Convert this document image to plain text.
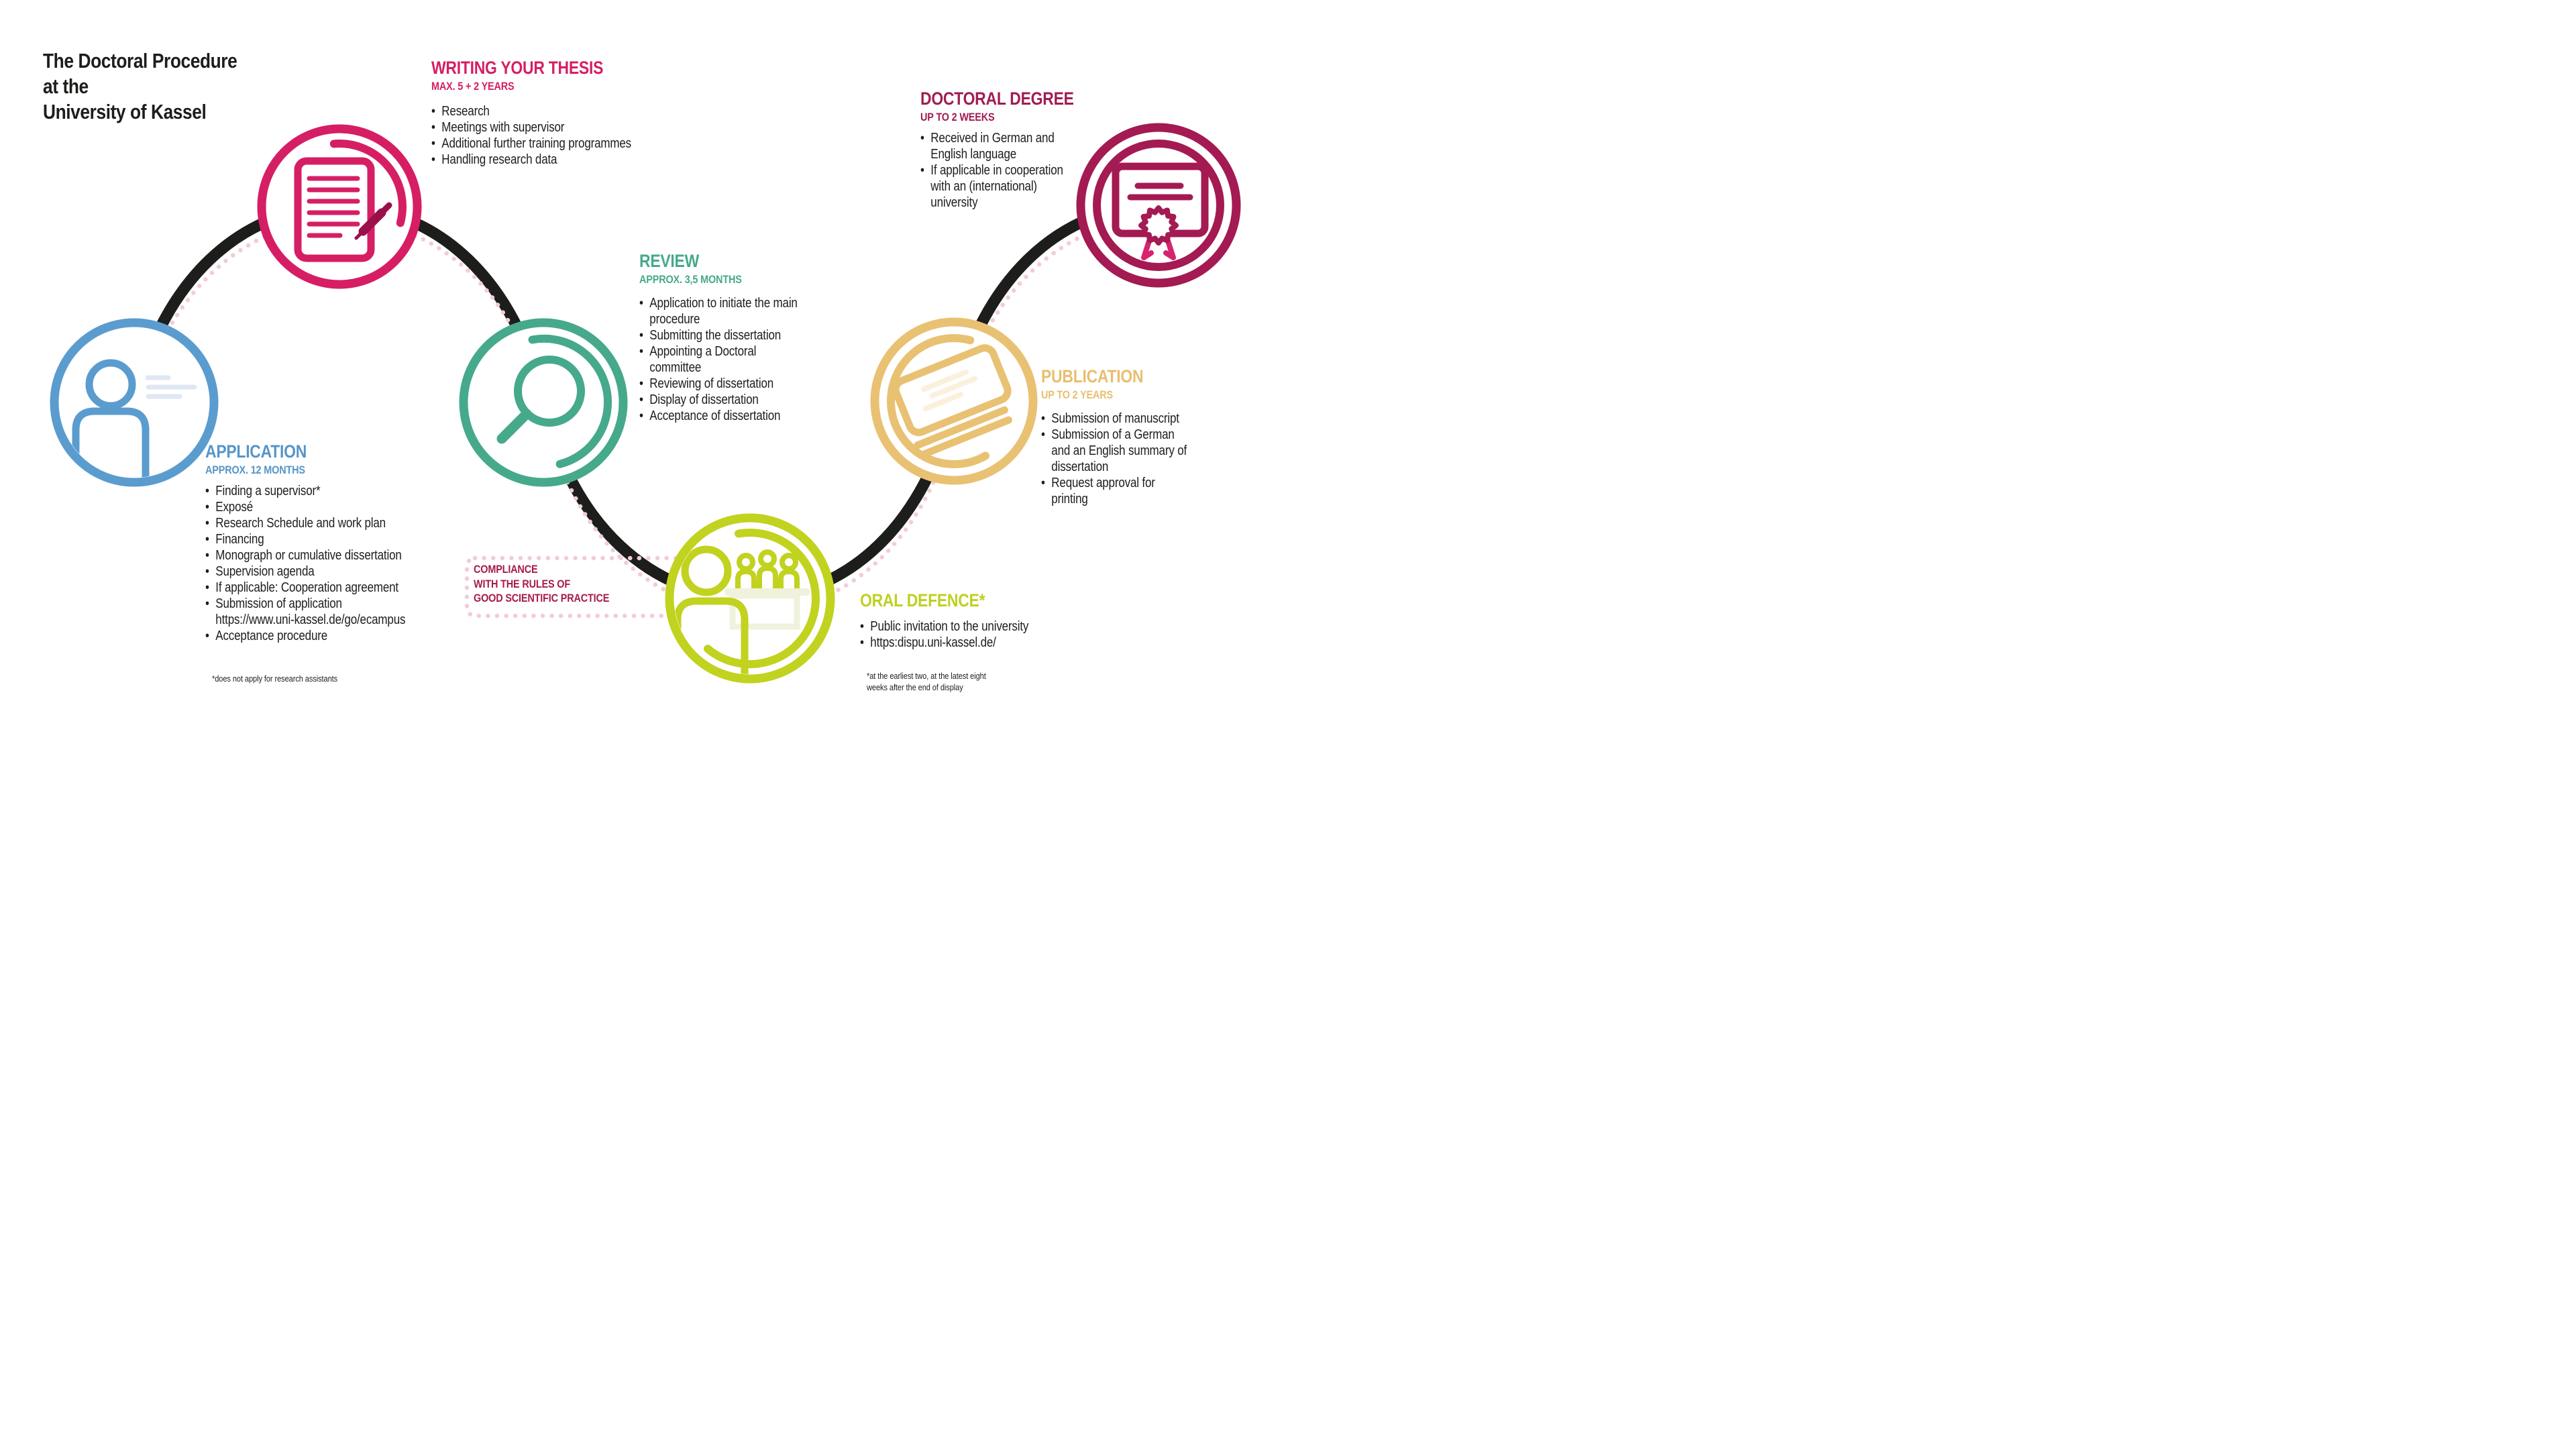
The Doctoral Procedure
at the
University of Kassel
WRITING YOUR THESIS
MAX. 5 + 2 YEARS
• Research
• Meetings with supervisor
• Additional further training programmes
• Handling research data
DOCTORAL DEGREE
UP TO 2 WEEKS
• Received in German and
English language
• If applicable in cooperation
with an (international)
university
REVIEW
APPROX. 3,5 MONTHS
• Application to initiate the main
procedure
• Submitting the dissertation
• Appointing a Doctoral
committee
• Reviewing of dissertation
• Display of dissertation
• Acceptance of dissertation
APPLICATION
APPROX. 12 MONTHS
• Finding a supervisor*
• Exposé
• Research Schedule and work plan
• Financing
• Monograph or cumulative dissertation
• Supervision agenda
• If applicable: Cooperation agreement
• Submission of application
https://www.uni-kassel.de/go/ecampus
• Acceptance procedure
PUBLICATION
UP TO 2 YEARS
• Submission of manuscript
• Submission of a German
and an English summary of
dissertation
• Request approval for
printing
ORAL DEFENCE*
• Public invitation to the university
• https:dispu.uni-kassel.de/
COMPLIANCE
WITH THE RULES OF
GOOD SCIENTIFIC PRACTICE
*does not apply for research assistants	*at the earliest two, at the latest eight
weeks after the end of display
